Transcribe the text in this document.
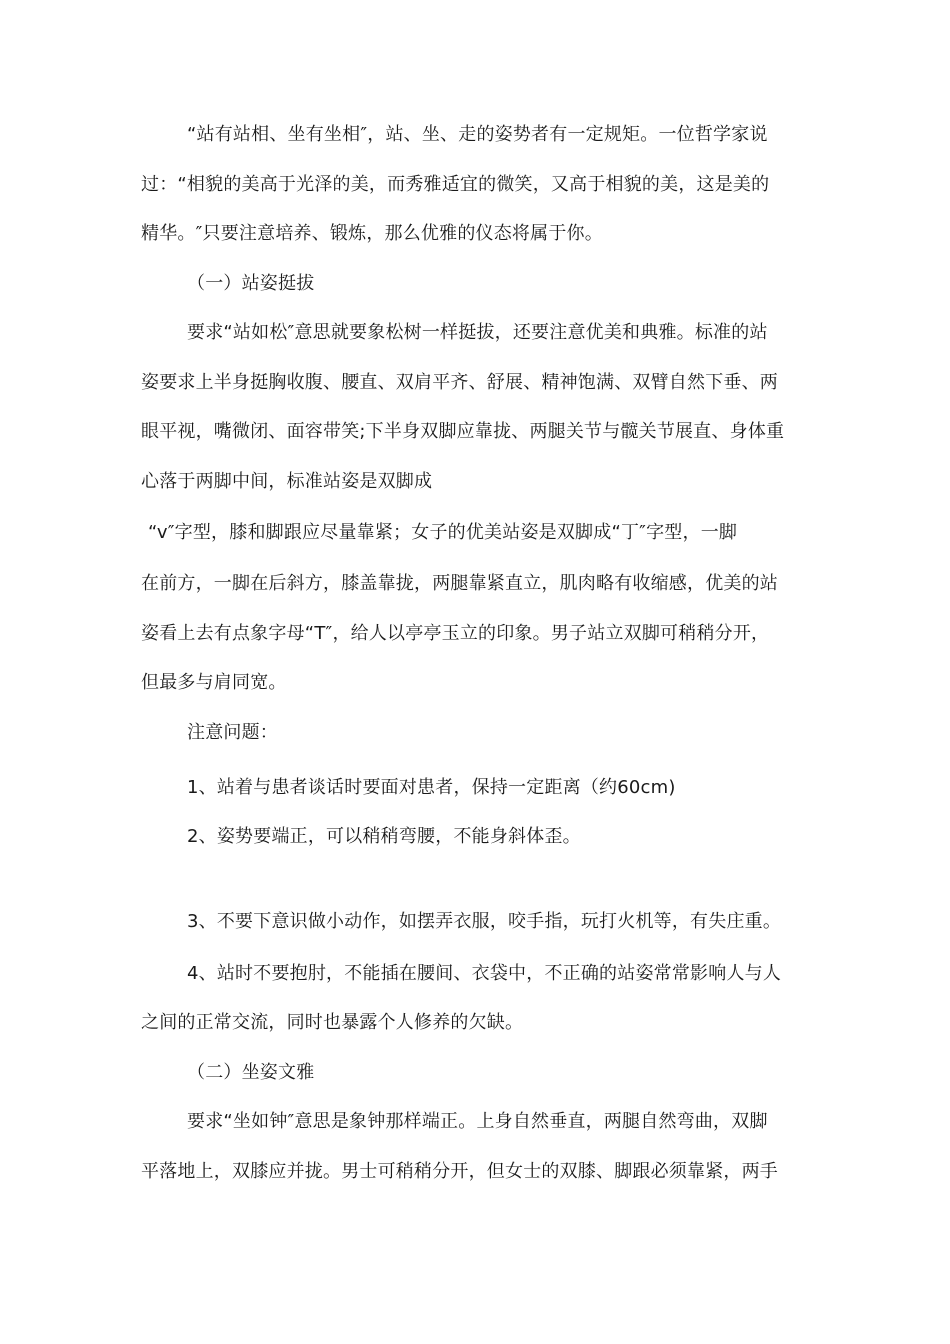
“站有站相、坐有坐相″，站、坐、走的姿势者有一定规矩。一位哲学家说
过：“相貌的美高于光泽的美，而秀雅适宜的微笑，又高于相貌的美，这是美的
精华。″只要注意培养、锻炼，那么优雅的仪态将属于你。
（一）站姿挺拔
要求“站如松″意思就要象松树一样挺拔，还要注意优美和典雅。标准的站
姿要求上半身挺胸收腹、腰直、双肩平齐、舒展、精神饱满、双臂自然下垂、两
眼平视，嘴微闭、面容带笑;下半身双脚应靠拢、两腿关节与髋关节展直、身体重
心落于两脚中间，标准站姿是双脚成
“v″字型，膝和脚跟应尽量靠紧；女子的优美站姿是双脚成“丁″字型，一脚
在前方，一脚在后斜方，膝盖靠拢，两腿靠紧直立，肌肉略有收缩感，优美的站
姿看上去有点象字母“T″，给人以亭亭玉立的印象。男子站立双脚可稍稍分开，
但最多与肩同宽。
注意问题：
1、站着与患者谈话时要面对患者，保持一定距离（约60cm)
2、姿势要端正，可以稍稍弯腰，不能身斜体歪。
3、不要下意识做小动作，如摆弄衣服，咬手指，玩打火机等，有失庄重。
4、站时不要抱肘，不能插在腰间、衣袋中，不正确的站姿常常影响人与人
之间的正常交流，同时也暴露个人修养的欠缺。
（二）坐姿文雅
要求“坐如钟″意思是象钟那样端正。上身自然垂直，两腿自然弯曲，双脚
平落地上，双膝应并拢。男士可稍稍分开，但女士的双膝、脚跟必须靠紧，两手
